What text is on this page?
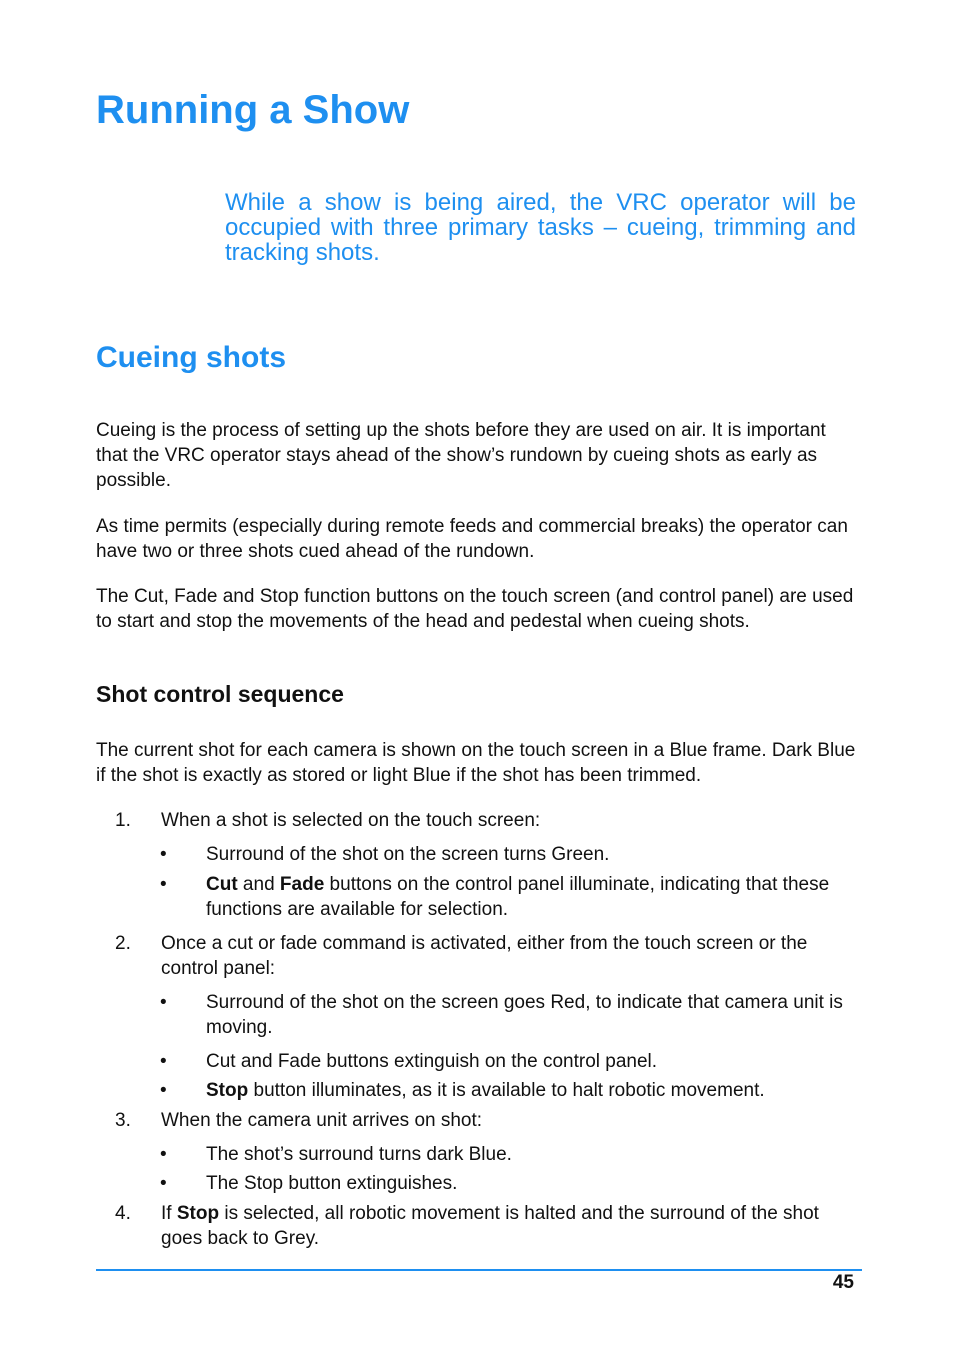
Running a Show

While a show is being aired, the VRC operator will be occupied with three primary tasks – cueing, trimming and tracking shots.

Cueing shots

Cueing is the process of setting up the shots before they are used on air. It is important that the VRC operator stays ahead of the show’s rundown by cueing shots as early as possible.

As time permits (especially during remote feeds and commercial breaks) the operator can have two or three shots cued ahead of the rundown.

The Cut, Fade and Stop function buttons on the touch screen (and control panel) are used to start and stop the movements of the head and pedestal when cueing shots.

Shot control sequence

The current shot for each camera is shown on the touch screen in a Blue frame. Dark Blue if the shot is exactly as stored or light Blue if the shot has been trimmed.

1.	When a shot is selected on the touch screen:
• Surround of the shot on the screen turns Green.
• Cut and Fade buttons on the control panel illuminate, indicating that these functions are available for selection.
2.	Once a cut or fade command is activated, either from the touch screen or the control panel:
• Surround of the shot on the screen goes Red, to indicate that camera unit is moving.
• Cut and Fade buttons extinguish on the control panel.
• Stop button illuminates, as it is available to halt robotic movement.
3.	When the camera unit arrives on shot:
• The shot’s surround turns dark Blue.
• The Stop button extinguishes.
4.	If Stop is selected, all robotic movement is halted and the surround of the shot goes back to Grey.
45
